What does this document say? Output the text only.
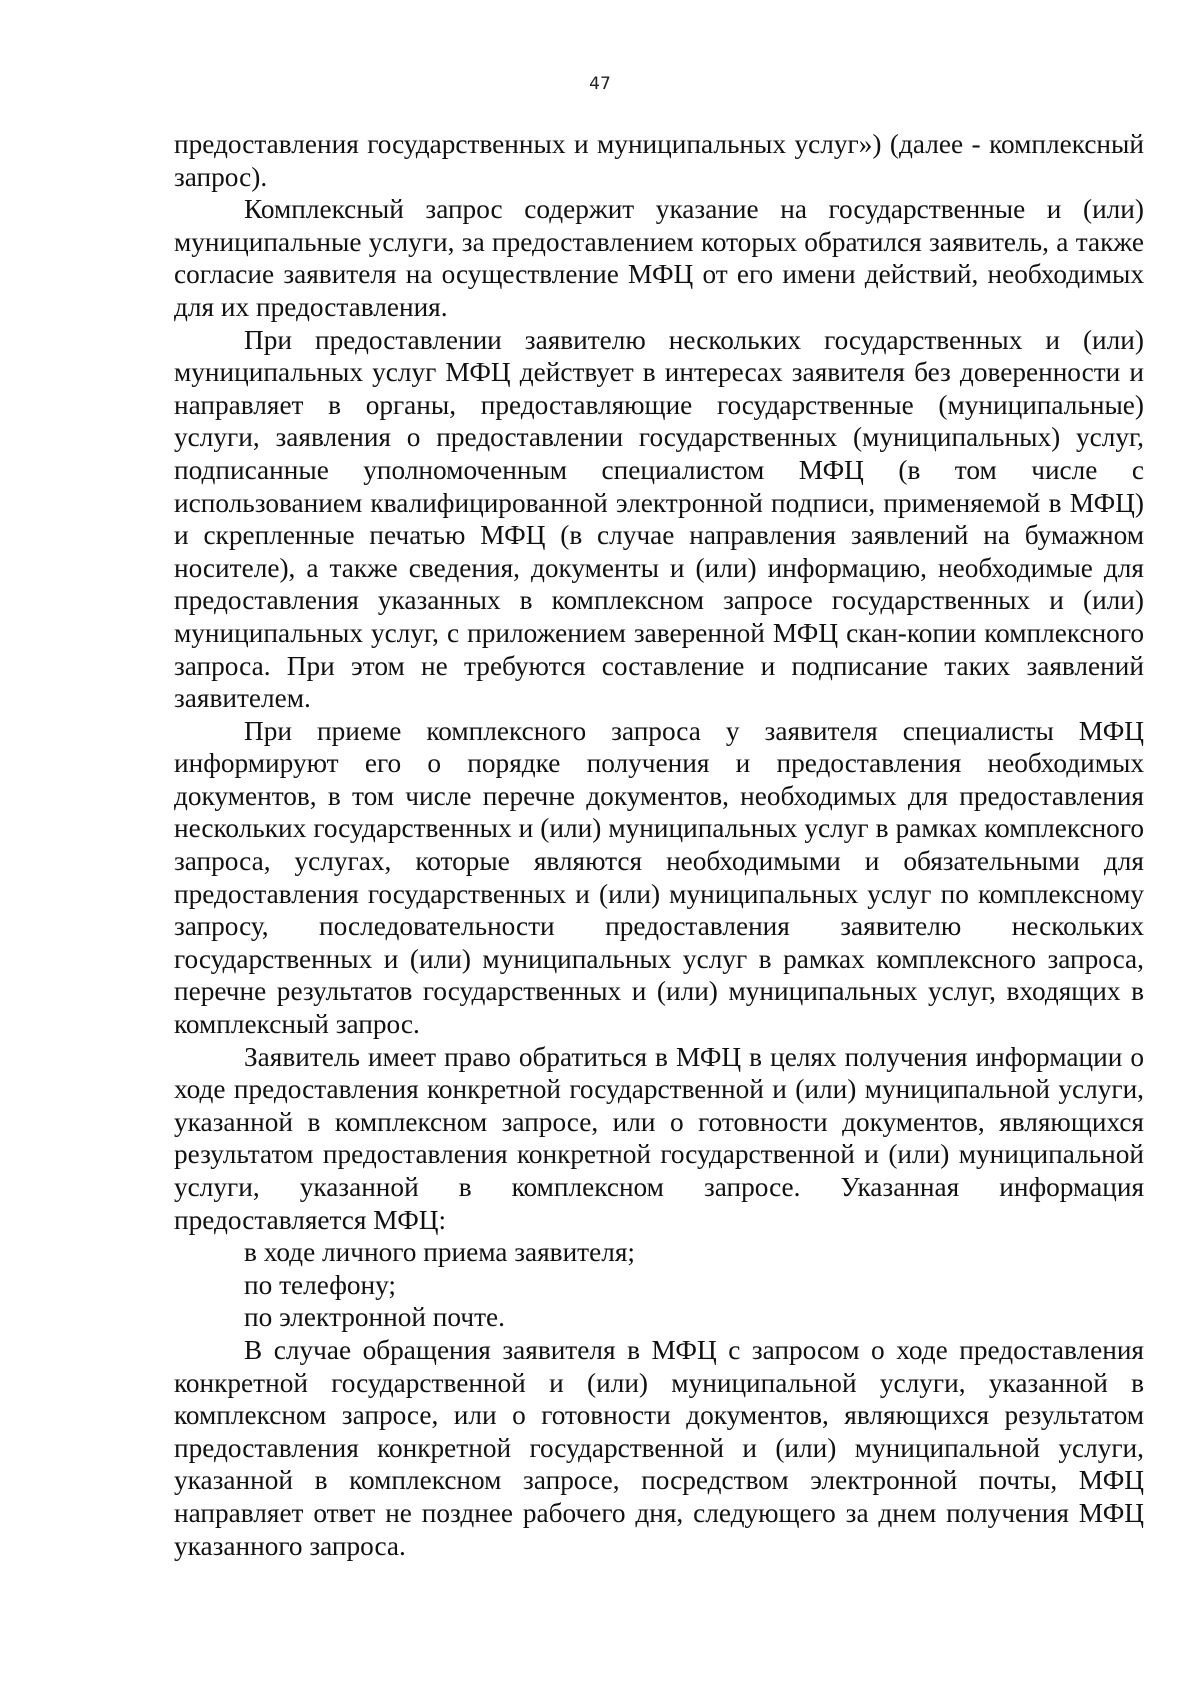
47

предоставления государственных и муниципальных услуг») (далее - комплексный запрос).

Комплексный запрос содержит указание на государственные и (или) муниципальные услуги, за предоставлением которых обратился заявитель, а также согласие заявителя на осуществление МФЦ от его имени действий, необходимых для их предоставления.

При предоставлении заявителю нескольких государственных и (или) муниципальных услуг МФЦ действует в интересах заявителя без доверенности и направляет в органы, предоставляющие государственные (муниципальные) услуги, заявления о предоставлении государственных (муниципальных) услуг, подписанные уполномоченным специалистом МФЦ (в том числе с использованием квалифицированной электронной подписи, применяемой в МФЦ) и скрепленные печатью МФЦ (в случае направления заявлений на бумажном носителе), а также сведения, документы и (или) информацию, необходимые для предоставления указанных в комплексном запросе государственных и (или) муниципальных услуг, с приложением заверенной МФЦ скан-копии комплексного запроса. При этом не требуются составление и подписание таких заявлений заявителем.

При приеме комплексного запроса у заявителя специалисты МФЦ информируют его о порядке получения и предоставления необходимых документов, в том числе перечне документов, необходимых для предоставления нескольких государственных и (или) муниципальных услуг в рамках комплексного запроса, услугах, которые являются необходимыми и обязательными для предоставления государственных и (или) муниципальных услуг по комплексному запросу, последовательности предоставления заявителю нескольких государственных и (или) муниципальных услуг в рамках комплексного запроса, перечне результатов государственных и (или) муниципальных услуг, входящих в комплексный запрос.

Заявитель имеет право обратиться в МФЦ в целях получения информации о ходе предоставления конкретной государственной и (или) муниципальной услуги, указанной в комплексном запросе, или о готовности документов, являющихся результатом предоставления конкретной государственной и (или) муниципальной услуги, указанной в комплексном запросе. Указанная информация предоставляется МФЦ:

в ходе личного приема заявителя;

по телефону;

по электронной почте.

В случае обращения заявителя в МФЦ с запросом о ходе предоставления конкретной государственной и (или) муниципальной услуги, указанной в комплексном запросе, или о готовности документов, являющихся результатом предоставления конкретной государственной и (или) муниципальной услуги, указанной в комплексном запросе, посредством электронной почты, МФЦ направляет ответ не позднее рабочего дня, следующего за днем получения МФЦ указанного запроса.
